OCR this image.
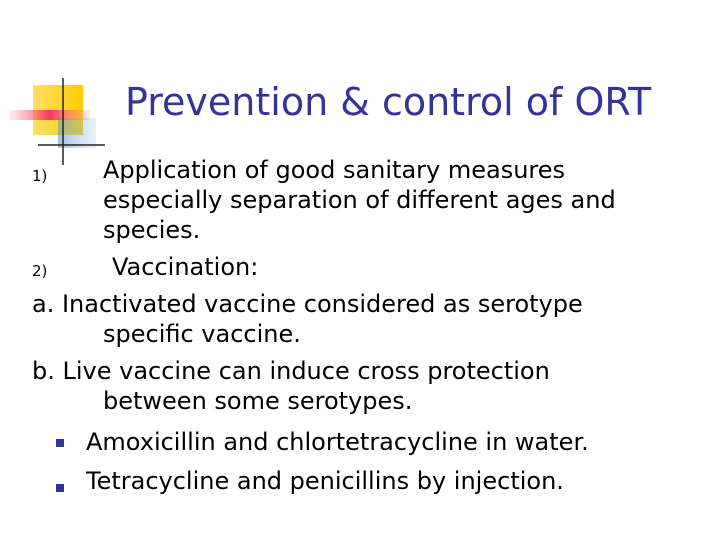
Prevention & control of ORT
1) Application of good sanitary measures
especially separation of different ages and
species.
2)	Vaccination:
a. Inactivated vaccine considered as serotype
specific vaccine.
b. Live vaccine can induce cross protection
between some serotypes.
Amoxicillin and chlortetracycline in water.
Tetracycline and penicillins by injection.
